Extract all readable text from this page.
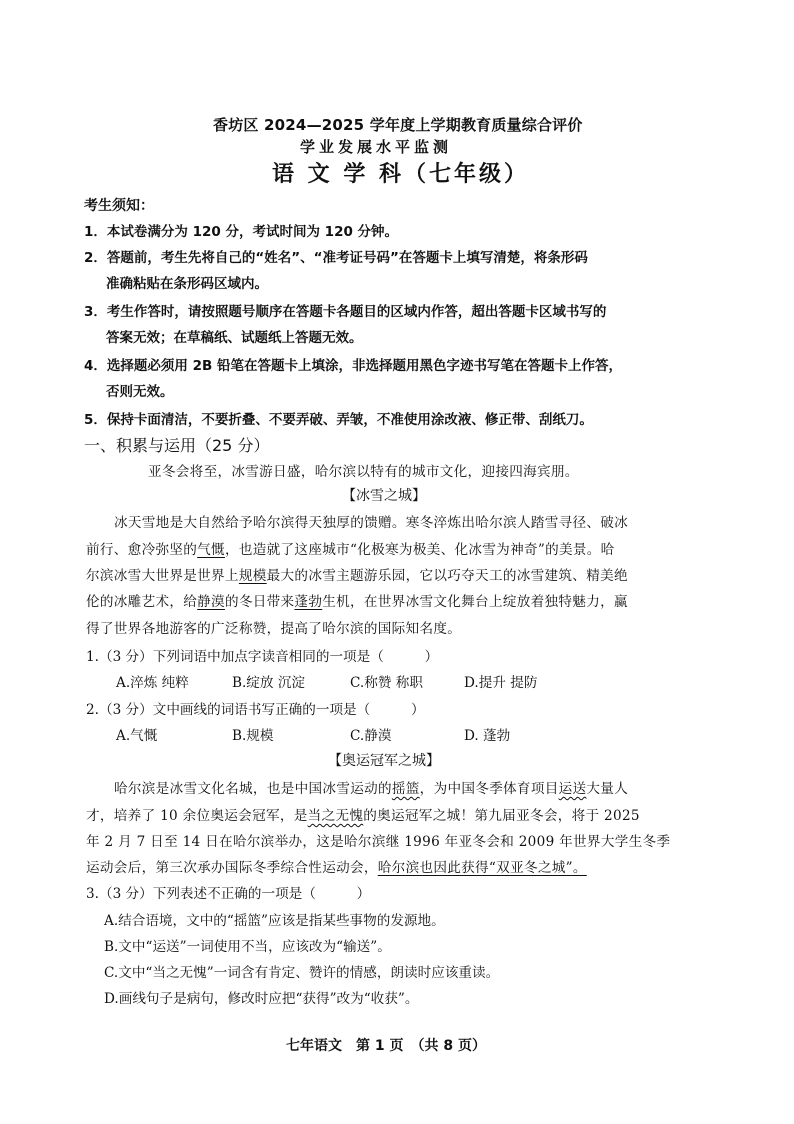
香坊区 2024—2025 学年度上学期教育质量综合评价
学业发展水平监测
语 文 学 科（七年级）
考生须知：
1．本试卷满分为 120 分，考试时间为 120 分钟。
2．答题前，考生先将自己的“姓名”、“准考证号码”在答题卡上填写清楚，将条形码
准确粘贴在条形码区域内。
3．考生作答时，请按照题号顺序在答题卡各题目的区域内作答，超出答题卡区域书写的
答案无效；在草稿纸、试题纸上答题无效。
4．选择题必须用 2B 铅笔在答题卡上填涂，非选择题用黑色字迹书写笔在答题卡上作答，
否则无效。
5．保持卡面清洁，不要折叠、不要弄破、弄皱，不准使用涂改液、修正带、刮纸刀。
一、积累与运用（25 分）
亚冬会将至，冰雪游日盛，哈尔滨以特有的城市文化，迎接四海宾朋。
【冰雪之城】
冰天雪地是大自然给予哈尔滨得天独厚的馈赠。寒冬淬炼出哈尔滨人踏雪寻径、破冰
前行、愈冷弥坚的气慨，也造就了这座城市“化极寒为极美、化冰雪为神奇”的美景。哈
尔滨冰雪大世界是世界上规模最大的冰雪主题游乐园，它以巧夺天工的冰雪建筑、精美绝
伦的冰雕艺术，给静漠的冬日带来蓬勃生机，在世界冰雪文化舞台上绽放着独特魅力，赢
得了世界各地游客的广泛称赞，提高了哈尔滨的国际知名度。
1.（3 分）下列词语中加点字读音相同的一项是（　　　）
A.淬炼 纯粹	B.绽放 沉淀	C.称赞 称职	D.提升 提防
2.（3 分）文中画线的词语书写正确的一项是（　　　）
A.气慨	B.规模	C.静漠	D. 蓬勃
【奥运冠军之城】
哈尔滨是冰雪文化名城，也是中国冰雪运动的摇篮，为中国冬季体育项目运送大量人
才，培养了 10 余位奥运会冠军，是当之无愧的奥运冠军之城！第九届亚冬会，将于 2025
年 2 月 7 日至 14 日在哈尔滨举办，这是哈尔滨继 1996 年亚冬会和 2009 年世界大学生冬季
运动会后，第三次承办国际冬季综合性运动会，哈尔滨也因此获得“双亚冬之城”。
3.（3 分）下列表述不正确的一项是（　　　）
A.结合语境，文中的“摇篮”应该是指某些事物的发源地。
B.文中“运送”一词使用不当，应该改为“输送”。
C.文中“当之无愧”一词含有肯定、赞许的情感，朗读时应该重读。
D.画线句子是病句，修改时应把“获得”改为“收获”。
七年语文　第 1 页　（共 8 页）
